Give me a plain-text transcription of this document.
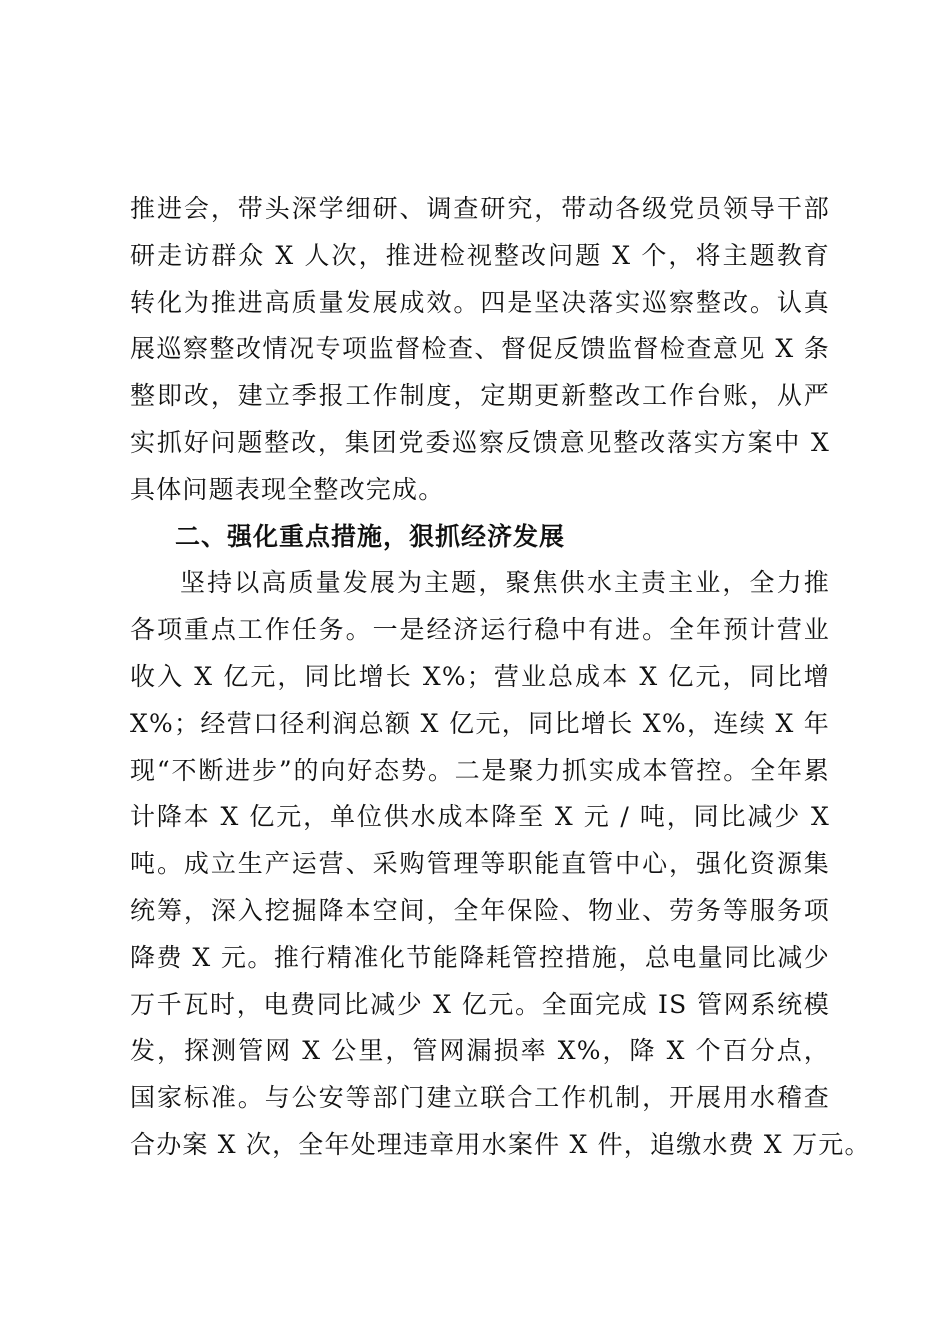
推进会，带头深学细研、调查研究，带动各级党员领导干部
研走访群众 X 人次，推进检视整改问题 X 个，将主题教育
转化为推进高质量发展成效。四是坚决落实巡察整改。认真
展巡察整改情况专项监督检查、督促反馈监督检查意见 X 条
整即改，建立季报工作制度，定期更新整改工作台账，从严
实抓好问题整改，集团党委巡察反馈意见整改落实方案中 X
具体问题表现全整改完成。
二、强化重点措施，狠抓经济发展
坚持以高质量发展为主题，聚焦供水主责主业，全力推
各项重点工作任务。一是经济运行稳中有进。全年预计营业
收入 X 亿元，同比增长 X%；营业总成本 X 亿元，同比增
X%；经营口径利润总额 X 亿元，同比增长 X%，连续 X 年
现“不断进步”的向好态势。二是聚力抓实成本管控。全年累
计降本 X 亿元，单位供水成本降至 X 元 / 吨，同比减少 X
吨。成立生产运营、采购管理等职能直管中心，强化资源集
统筹，深入挖掘降本空间，全年保险、物业、劳务等服务项
降费 X 元。推行精准化节能降耗管控措施，总电量同比减少
万千瓦时，电费同比减少 X 亿元。全面完成 IS 管网系统模
发，探测管网 X 公里，管网漏损率 X%，降 X 个百分点，
国家标准。与公安等部门建立联合工作机制，开展用水稽查
合办案 X 次，全年处理违章用水案件 X 件，追缴水费 X 万元。
